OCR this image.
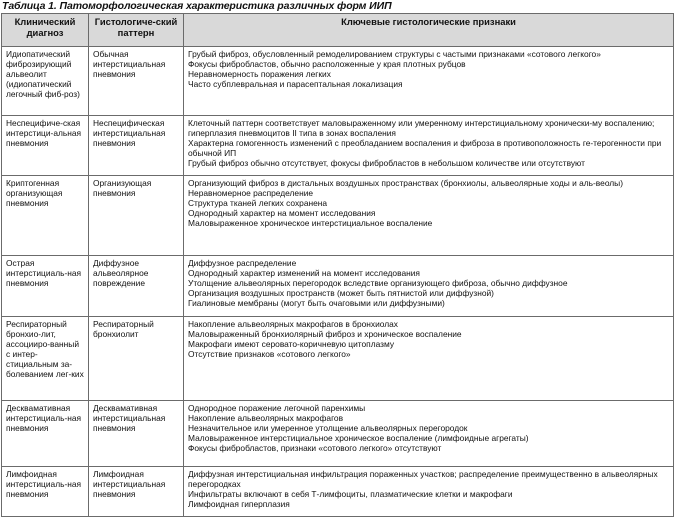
Таблица 1. Патоморфологическая характеристика различных форм ИИП
Клинический диагноз	Гистологиче-ский паттерн	Ключевые гистологические признаки
Идиопатический фиброзирующий альвеолит (идиопатический легочный фиб-роз)	Обычная интерстициальная пневмония	Грубый фиброз, обусловленный ремоделированием структуры с частыми признаками «сотового легкого»
Фокусы фибробластов, обычно расположенные у края плотных рубцов
Неравномерность поражения легких
Часто субплевральная и парасептальная локализация

Неспецифиче-ская интерстици-альная пневмония	Неспецифическая интерстициальная пневмония	Клеточный паттерн соответствует маловыраженному или умеренному интерстициальному хронически-му воспалению; гиперплазия пневмоцитов II типа в зонах воспаления
Характерна гомогенность изменений с преобладанием воспаления и фиброза в противоположность ге-терогенности при обычной ИП
Грубый фиброз обычно отсутствует, фокусы фибробластов в небольшом количестве или отсутствуют

Криптогенная организующая пневмония	Организующая пневмония	Организующий фиброз в дистальных воздушных пространствах (бронхиолы, альвеолярные ходы и аль-веолы)
Неравномерное распределение
Структура тканей легких сохранена
Однородный характер на момент исследования
Маловыраженное хроническое интерстициальное воспаление

Острая интерстициаль-ная пневмония	Диффузное альвеолярное повреждение	Диффузное распределение
Однородный характер изменений на момент исследования
Утолщение альвеолярных перегородок вследствие организующего фиброза, обычно диффузное
Организация воздушных пространств (может быть пятнистой или диффузной)
Гиалиновые мембраны (могут быть очаговыми или диффузными)

Респираторный бронхио-лит, ассоцииро-ванный с интер-стициальным за-болеванием лег-ких	Респираторный бронхиолит	Накопление альвеолярных макрофагов в бронхиолах
Маловыраженный бронхиолярный фиброз и хроническое воспаление
Макрофаги имеют серовато-коричневую цитоплазму
Отсутствие признаков «сотового легкого»

Десквамативная интерстициаль-ная пневмония	Десквамативная интерстициальная пневмония	Однородное поражение легочной паренхимы
Накопление альвеолярных макрофагов
Незначительное или умеренное утолщение альвеолярных перегородок
Маловыраженное интерстициальное хроническое воспаление (лимфоидные агрегаты)
Фокусы фибробластов, признаки «сотового легкого» отсутствуют

Лимфоидная интерстициаль-ная пневмония	Лимфоидная интерстициальная пневмония	Диффузная интерстициальная инфильтрация пораженных участков; распределение преимущественно в альвеолярных перегородках
Инфильтраты включают в себя Т-лимфоциты, плазматические клетки и макрофаги
Лимфоидная гиперплазия
